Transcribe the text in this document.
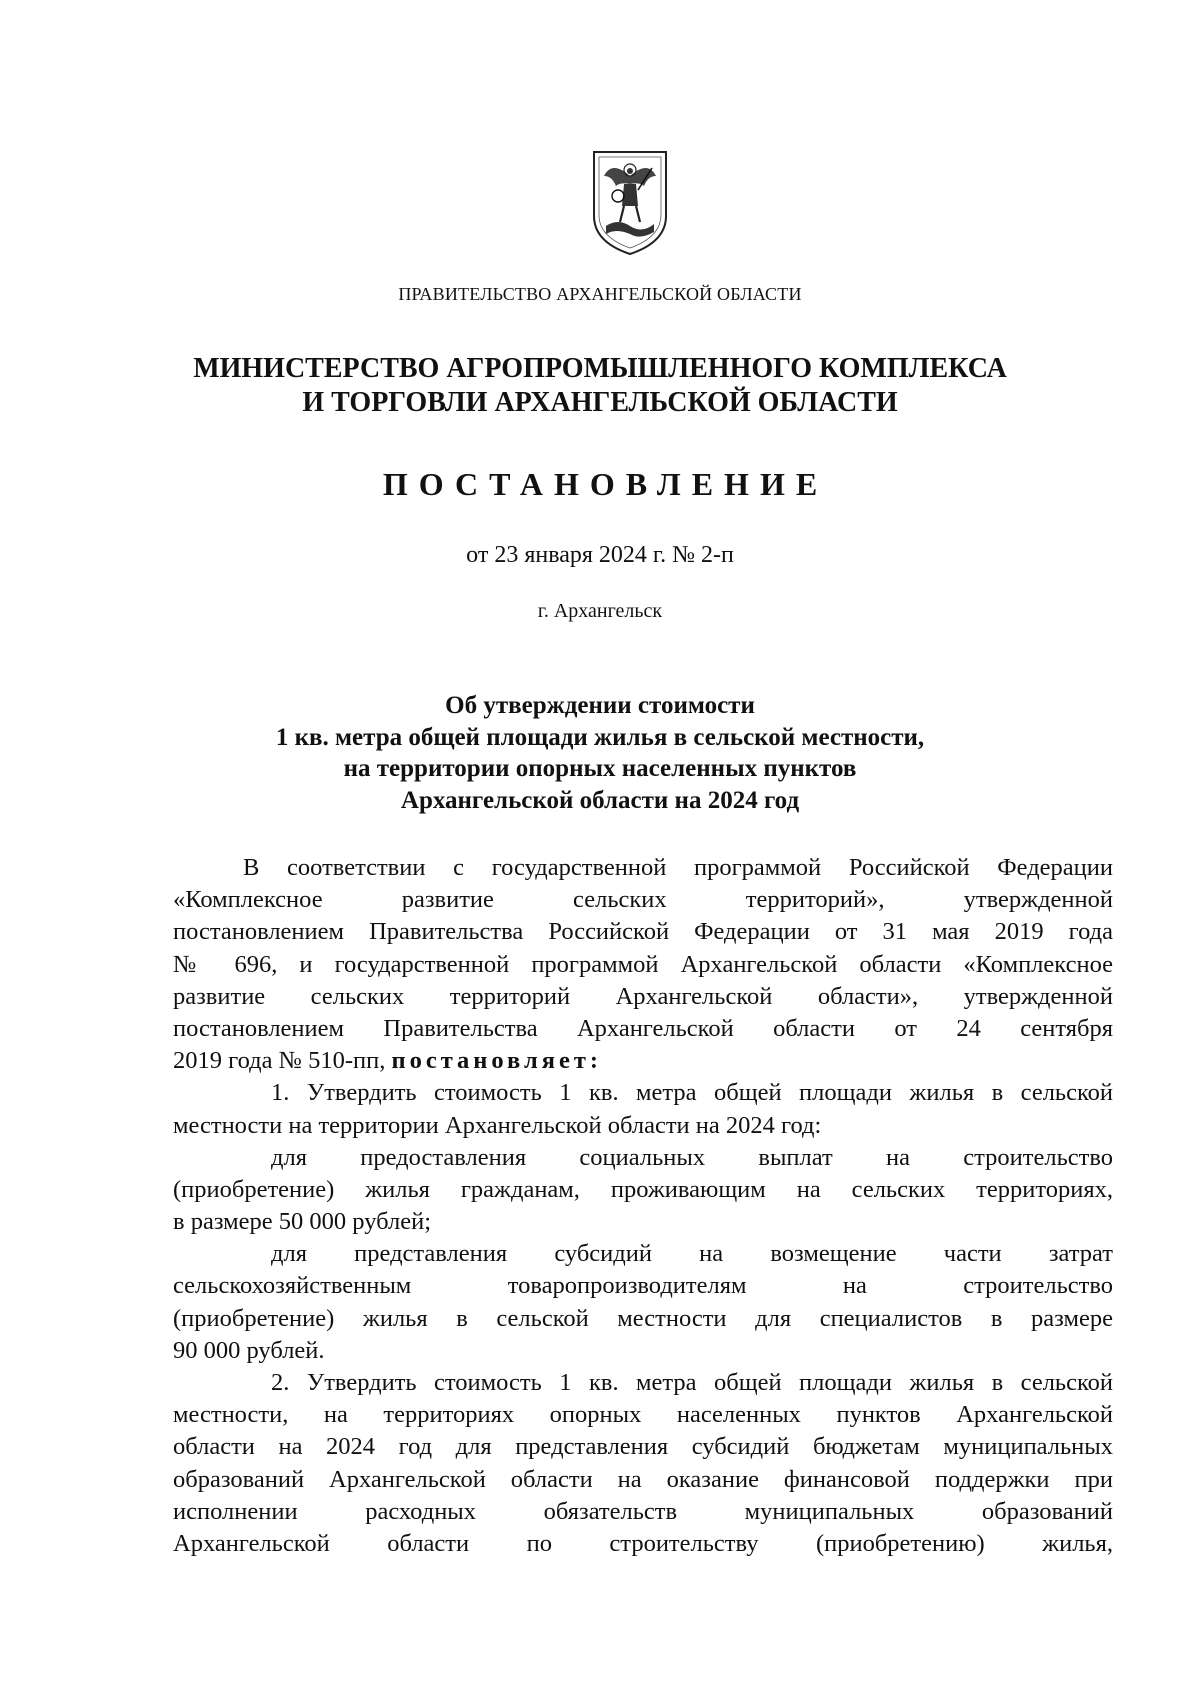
ПРАВИТЕЛЬСТВО АРХАНГЕЛЬСКОЙ ОБЛАСТИ
МИНИСТЕРСТВО АГРОПРОМЫШЛЕННОГО КОМПЛЕКСА
И ТОРГОВЛИ АРХАНГЕЛЬСКОЙ ОБЛАСТИ
ПОСТАНОВЛЕНИЕ
от 23 января 2024 г. № 2-п
г. Архангельск
Об утверждении стоимости
1 кв. метра общей площади жилья в сельской местности,
на территории опорных населенных пунктов
Архангельской области на 2024 год
В соответствии с государственной программой Российской Федерации
«Комплексное развитие сельских территорий», утвержденной
постановлением Правительства Российской Федерации от 31 мая 2019 года
№ 696, и государственной программой Архангельской области «Комплексное
развитие сельских территорий Архангельской области», утвержденной
постановлением Правительства Архангельской области от 24 сентября
2019 года № 510-пп, постановляет:
1. Утвердить стоимость 1 кв. метра общей площади жилья в сельской
местности на территории Архангельской области на 2024 год:
для предоставления социальных выплат на строительство
(приобретение) жилья гражданам, проживающим на сельских территориях,
в размере 50 000 рублей;
для представления субсидий на возмещение части затрат
сельскохозяйственным товаропроизводителям на строительство
(приобретение) жилья в сельской местности для специалистов в размере
90 000 рублей.
2. Утвердить стоимость 1 кв. метра общей площади жилья в сельской
местности, на территориях опорных населенных пунктов Архангельской
области на 2024 год для представления субсидий бюджетам муниципальных
образований Архангельской области на оказание финансовой поддержки при
исполнении расходных обязательств муниципальных образований
Архангельской области по строительству (приобретению) жилья,
